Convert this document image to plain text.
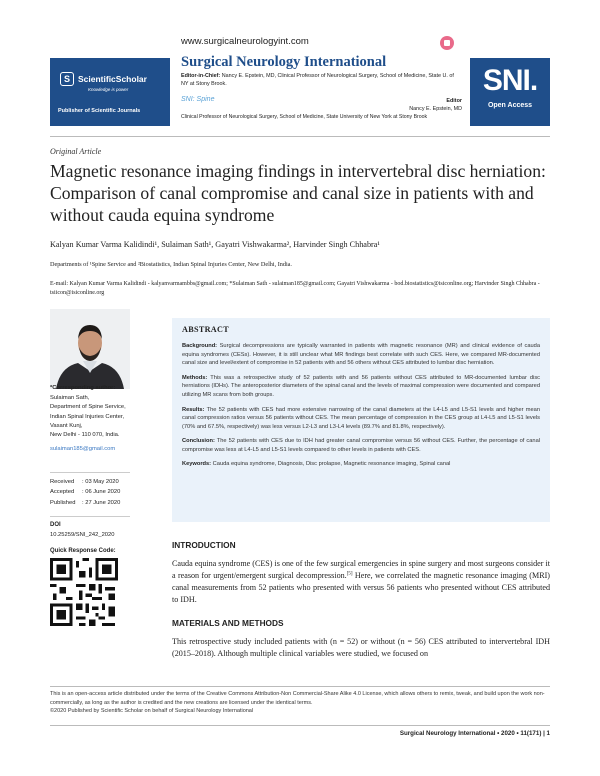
S ScientificScholar
Knowledge is power
Publisher of Scientific Journals
www.surgicalneurologyint.com
Surgical Neurology International
Editor-in-Chief: Nancy E. Epstein, MD, Clinical Professor of Neurological Surgery, School of Medicine, State U. of NY at Stony Brook.
SNI: Spine	Editor
Nancy E. Epstein, MD
Clinical Professor of Neurological Surgery, School of Medicine, State University of New York at Stony Brook
SNI.
Open Access
Original Article
Magnetic resonance imaging findings in intervertebral disc herniation: Comparison of canal compromise and canal size in patients with and without cauda equina syndrome
Kalyan Kumar Varma Kalidindi¹, Sulaiman Sath¹, Gayatri Vishwakarma², Harvinder Singh Chhabra¹
Departments of ¹Spine Service and ²Biostatistics, Indian Spinal Injuries Center, New Delhi, India.
E-mail: Kalyan Kumar Varma Kalidindi - kalyanvarmambbs@gmail.com; *Sulaiman Sath - sulaiman185@gmail.com; Gayatri Vishwakarma - bod.biostatistics@isiconline.org; Harvinder Singh Chhabra - tsiicon@isiconline.org
*Corresponding author:
Sulaiman Sath,
Department of Spine Service,
Indian Spinal Injuries Center,
Vasant Kunj,
New Delhi - 110 070, India.
sulaiman185@gmail.com
Received	: 03 May 2020
Accepted	: 06 June 2020
Published	: 27 June 2020
DOI
10.25259/SNI_242_2020
Quick Response Code:
ABSTRACT

Background: Surgical decompressions are typically warranted in patients with magnetic resonance (MR) and clinical evidence of cauda equina syndromes (CESs). However, it is still unclear what MR findings best correlate with such CES. Here, we compared MR-documented canal size and level/extent of compromise in 52 patients with and 56 others without CES attributed to lumbar disc herniation.

Methods: This was a retrospective study of 52 patients with and 56 patients without CES attributed to MR-documented lumbar disc herniations (IDHs). The anteroposterior diameters of the spinal canal and the levels of maximal compression were documented and compared utilizing MR scans from both groups.

Results: The 52 patients with CES had more extensive narrowing of the canal diameters at the L4-L5 and L5-S1 levels and higher mean canal compression ratios versus 56 patients without CES. The mean percentage of compression in the CES group at L4-L5 and L5-S1 levels (70% and 67.5%, respectively) was less versus L2-L3 and L3-L4 levels (89.7% and 81.8%, respectively).

Conclusion: The 52 patients with CES due to IDH had greater canal compromise versus 56 without CES. Further, the percentage of canal compromise was less at L4-L5 and L5-S1 levels compared to other levels in patients with CES.

Keywords: Cauda equina syndrome, Diagnosis, Disc prolapse, Magnetic resonance imaging, Spinal canal

INTRODUCTION
Cauda equina syndrome (CES) is one of the few surgical emergencies in spine surgery and most surgeons consider it a reason for urgent/emergent surgical decompression.[5] Here, we correlated the magnetic resonance imaging (MRI) canal measurements from 52 patients who presented with versus 56 patients who presented without CES attributed to IDH.
MATERIALS AND METHODS
This retrospective study included patients with (n = 52) or without (n = 56) CES attributed to intervertebral IDH (2015–2018). Although multiple clinical variables were studied, we focused on
This is an open-access article distributed under the terms of the Creative Commons Attribution-Non Commercial-Share Alike 4.0 License, which allows others to remix, tweak, and build upon the work non-commercially, as long as the author is credited and the new creations are licensed under the identical terms.
©2020 Published by Scientific Scholar on behalf of Surgical Neurology International
Surgical Neurology International • 2020 • 11(171) | 1
